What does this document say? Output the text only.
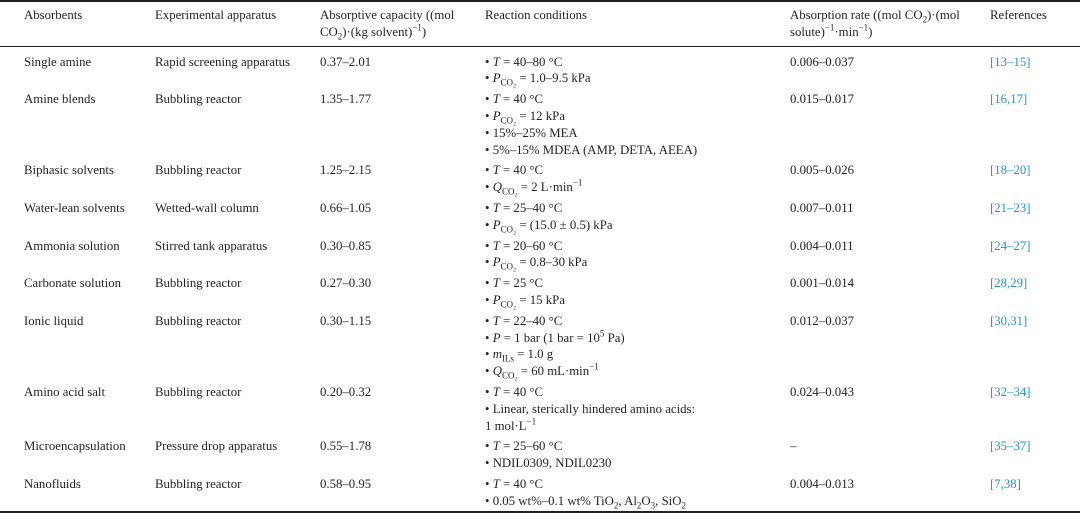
Absorbents	Experimental apparatus	Absorptive capacity ((mol $CO_2)\cdot(kg$ solvent)$^{-1}$)	Reaction conditions	Absorption rate ((mol $CO_2)\cdot(mol$ $solute)^{-1}\cdot\min^{-1}$)	References
Single amine	Rapid screening apparatus	0.37–2.01	• T = 40–80 °C
• $P_{CO_2} = 1.0-9.5$ kPa	0.006–0.037	[13–15]
Amine blends	Bubbling reactor	1.35–1.77	• T = 40 °C
• $P_{CO_2} = 12$ kPa
• 15%–25% MEA
• 5%–15% MDEA (AMP, DETA, AEEA)	0.015–0.017	[16,17]
Biphasic solvents	Bubbling reactor	1.25–2.15	• T = 40 °C
• $Q_{CO_2} = 2$ $L\cdot\min^{-1}$	0.005–0.026	[18–20]
Water-lean solvents	Wetted-wall column	0.66–1.05	• T = 25–40 °C
• $P_{CO_2} = (15.0 \pm 0.5)$ kPa	0.007–0.011	[21–23]
Ammonia solution	Stirred tank apparatus	0.30–0.85	• T = 20–60 °C
• $P_{CO_2} = 0.8-30$ kPa	0.004–0.011	[24–27]
Carbonate solution	Bubbling reactor	0.27–0.30	• T = 25 °C
• $P_{CO_2} = 15$ kPa	0.001–0.014	[28,29]
Ionic liquid	Bubbling reactor	0.30–1.15	• T = 22–40 °C
• P = 1 bar (1 bar = $10^5$ Pa)
• $m_{ILs} = 1.0$ g
• $Q_{CO_2} = 60$ $mL\cdot\min^{-1}$	0.012–0.037	[30,31]
Amino acid salt	Bubbling reactor	0.20–0.32	• T = 40 °C
• Linear, sterically hindered amino acids:
1 $mol\cdot L^{-1}$	0.024–0.043	[32–34]
Microencapsulation	Pressure drop apparatus	0.55–1.78	• T = 25–60 °C
• NDIL0309, NDIL0230	–	[35–37]
Nanofluids	Bubbling reactor	0.58–0.95	• T = 40 °C
• 0.05 wt%–0.1 wt% TiO$_2$, $Al_2O_3$, SiO$_2$	0.004–0.013	[7,38]
